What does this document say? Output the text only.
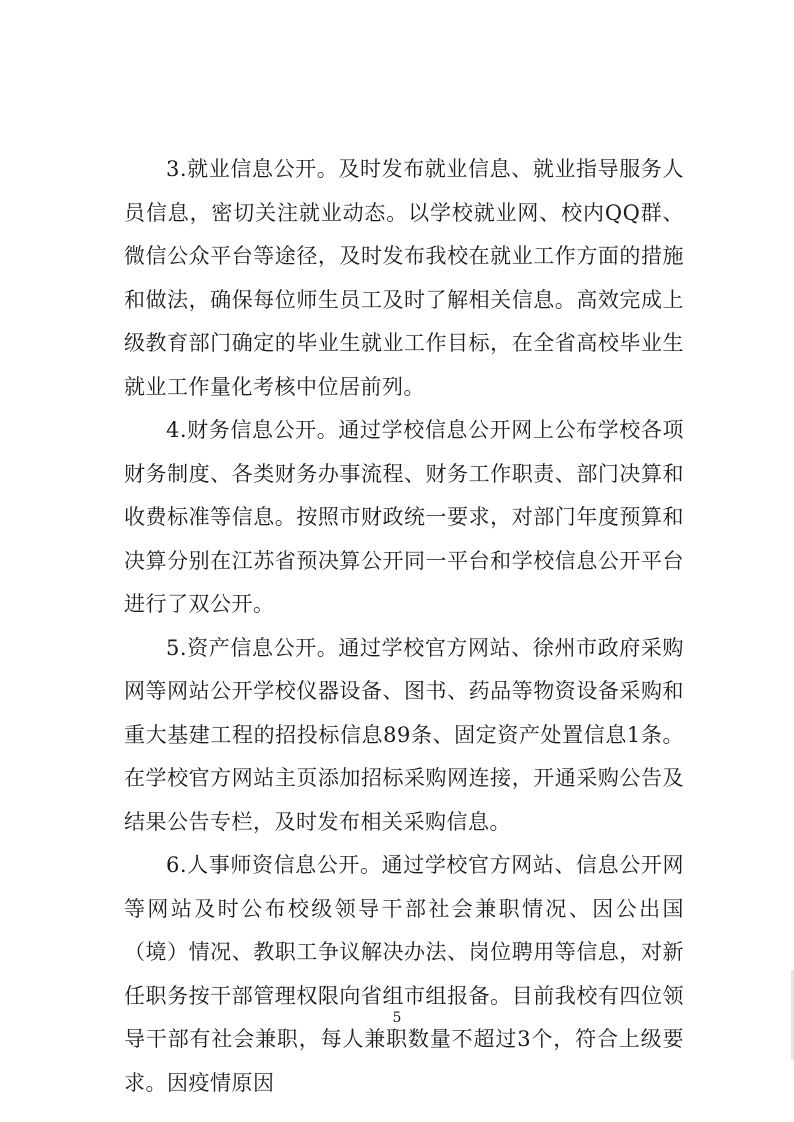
3.就业信息公开。及时发布就业信息、就业指导服务人员信息，密切关注就业动态。以学校就业网、校内QQ群、微信公众平台等途径，及时发布我校在就业工作方面的措施和做法，确保每位师生员工及时了解相关信息。高效完成上级教育部门确定的毕业生就业工作目标，在全省高校毕业生就业工作量化考核中位居前列。

4.财务信息公开。通过学校信息公开网上公布学校各项财务制度、各类财务办事流程、财务工作职责、部门决算和收费标准等信息。按照市财政统一要求，对部门年度预算和决算分别在江苏省预决算公开同一平台和学校信息公开平台进行了双公开。

5.资产信息公开。通过学校官方网站、徐州市政府采购网等网站公开学校仪器设备、图书、药品等物资设备采购和重大基建工程的招投标信息89条、固定资产处置信息1条。在学校官方网站主页添加招标采购网连接，开通采购公告及结果公告专栏，及时发布相关采购信息。

6.人事师资信息公开。通过学校官方网站、信息公开网等网站及时公布校级领导干部社会兼职情况、因公出国（境）情况、教职工争议解决办法、岗位聘用等信息，对新任职务按干部管理权限向省组市组报备。目前我校有四位领导干部有社会兼职，每人兼职数量不超过3个，符合上级要求。因疫情原因

5
